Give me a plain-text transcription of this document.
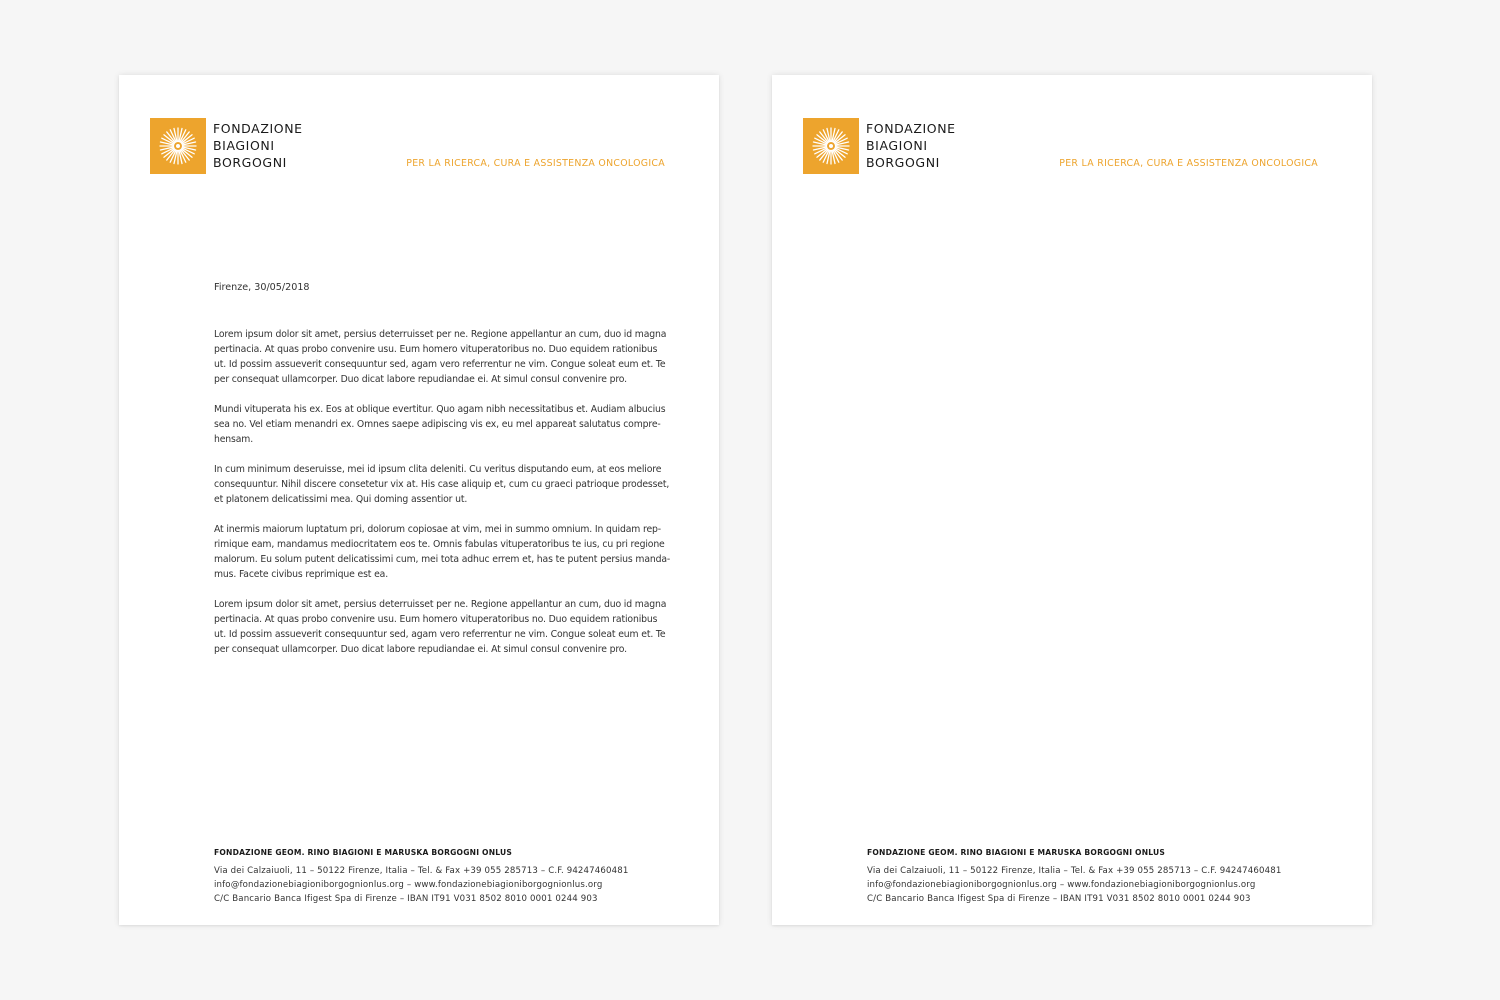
FONDAZIONE
BIAGIONI
BORGOGNI	PER LA RICERCA, CURA E ASSISTENZA ONCOLOGICA
Firenze, 30/05/2018

Lorem ipsum dolor sit amet, persius deterruisset per ne. Regione appellantur an cum, duo id magna
pertinacia. At quas probo convenire usu. Eum homero vituperatoribus no. Duo equidem rationibus
ut. Id possim assueverit consequuntur sed, agam vero referrentur ne vim. Congue soleat eum et. Te
per consequat ullamcorper. Duo dicat labore repudiandae ei. At simul consul convenire pro.

Mundi vituperata his ex. Eos at oblique evertitur. Quo agam nibh necessitatibus et. Audiam albucius
sea no. Vel etiam menandri ex. Omnes saepe adipiscing vis ex, eu mel appareat salutatus compre-
hensam.

In cum minimum deseruisse, mei id ipsum clita deleniti. Cu veritus disputando eum, at eos meliore
consequuntur. Nihil discere consetetur vix at. His case aliquip et, cum cu graeci patrioque prodesset,
et platonem delicatissimi mea. Qui doming assentior ut.

At inermis maiorum luptatum pri, dolorum copiosae at vim, mei in summo omnium. In quidam rep-
rimique eam, mandamus mediocritatem eos te. Omnis fabulas vituperatoribus te ius, cu pri regione
malorum. Eu solum putent delicatissimi cum, mei tota adhuc errem et, has te putent persius manda-
mus. Facete civibus reprimique est ea.

Lorem ipsum dolor sit amet, persius deterruisset per ne. Regione appellantur an cum, duo id magna
pertinacia. At quas probo convenire usu. Eum homero vituperatoribus no. Duo equidem rationibus
ut. Id possim assueverit consequuntur sed, agam vero referrentur ne vim. Congue soleat eum et. Te
per consequat ullamcorper. Duo dicat labore repudiandae ei. At simul consul convenire pro.

FONDAZIONE GEOM. RINO BIAGIONI E MARUSKA BORGOGNI ONLUS
Via dei Calzaiuoli, 11 – 50122 Firenze, Italia – Tel. & Fax +39 055 285713 – C.F. 94247460481
info@fondazionebiagioniborgognionlus.org – www.fondazionebiagioniborgognionlus.org
C/C Bancario Banca Ifigest Spa di Firenze – IBAN IT91 V031 8502 8010 0001 0244 903
FONDAZIONE
BIAGIONI
BORGOGNI	PER LA RICERCA, CURA E ASSISTENZA ONCOLOGICA
FONDAZIONE GEOM. RINO BIAGIONI E MARUSKA BORGOGNI ONLUS
Via dei Calzaiuoli, 11 – 50122 Firenze, Italia – Tel. & Fax +39 055 285713 – C.F. 94247460481
info@fondazionebiagioniborgognionlus.org – www.fondazionebiagioniborgognionlus.org
C/C Bancario Banca Ifigest Spa di Firenze – IBAN IT91 V031 8502 8010 0001 0244 903
